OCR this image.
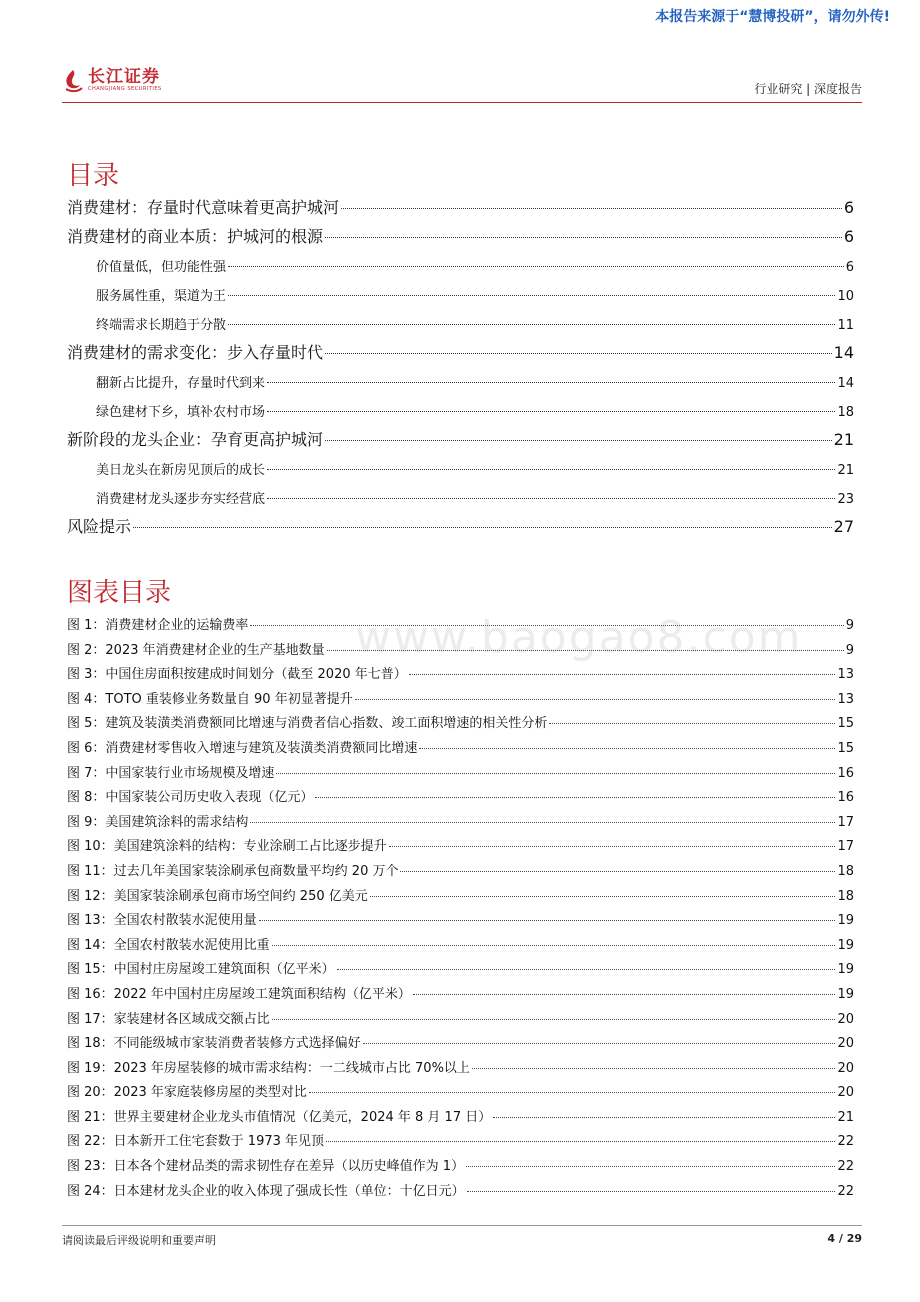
本报告来源于“慧博投研”，请勿外传!
长江证券
CHANGJIANG SECURITIES	行业研究 | 深度报告
目录
消费建材：存量时代意味着更高护城河	6
消费建材的商业本质：护城河的根源	6
价值量低，但功能性强	6
服务属性重，渠道为王	10
终端需求长期趋于分散	11
消费建材的需求变化：步入存量时代	14
翻新占比提升，存量时代到来	14
绿色建材下乡，填补农村市场	18
新阶段的龙头企业：孕育更高护城河	21
美日龙头在新房见顶后的成长	21
消费建材龙头逐步夯实经营底	23
风险提示	27
图表目录
图 1：消费建材企业的运输费率	9
图 2：2023 年消费建材企业的生产基地数量	9
图 3：中国住房面积按建成时间划分（截至 2020 年七普）	13
图 4：TOTO 重装修业务数量自 90 年初显著提升	13
图 5：建筑及装潢类消费额同比增速与消费者信心指数、竣工面积增速的相关性分析	15
图 6：消费建材零售收入增速与建筑及装潢类消费额同比增速	15
图 7：中国家装行业市场规模及增速	16
图 8：中国家装公司历史收入表现（亿元）	16
图 9：美国建筑涂料的需求结构	17
图 10：美国建筑涂料的结构：专业涂刷工占比逐步提升	17
图 11：过去几年美国家装涂刷承包商数量平均约 20 万个	18
图 12：美国家装涂刷承包商市场空间约 250 亿美元	18
图 13：全国农村散装水泥使用量	19
图 14：全国农村散装水泥使用比重	19
图 15：中国村庄房屋竣工建筑面积（亿平米）	19
图 16：2022 年中国村庄房屋竣工建筑面积结构（亿平米）	19
图 17：家装建材各区域成交额占比	20
图 18：不同能级城市家装消费者装修方式选择偏好	20
图 19：2023 年房屋装修的城市需求结构：一二线城市占比 70%以上	20
图 20：2023 年家庭装修房屋的类型对比	20
图 21：世界主要建材企业龙头市值情况（亿美元，2024 年 8 月 17 日）	21
图 22：日本新开工住宅套数于 1973 年见顶	22
图 23：日本各个建材品类的需求韧性存在差异（以历史峰值作为 1）	22
图 24：日本建材龙头企业的收入体现了强成长性（单位：十亿日元）	22
www.baogao8.com
请阅读最后评级说明和重要声明	4 / 29
